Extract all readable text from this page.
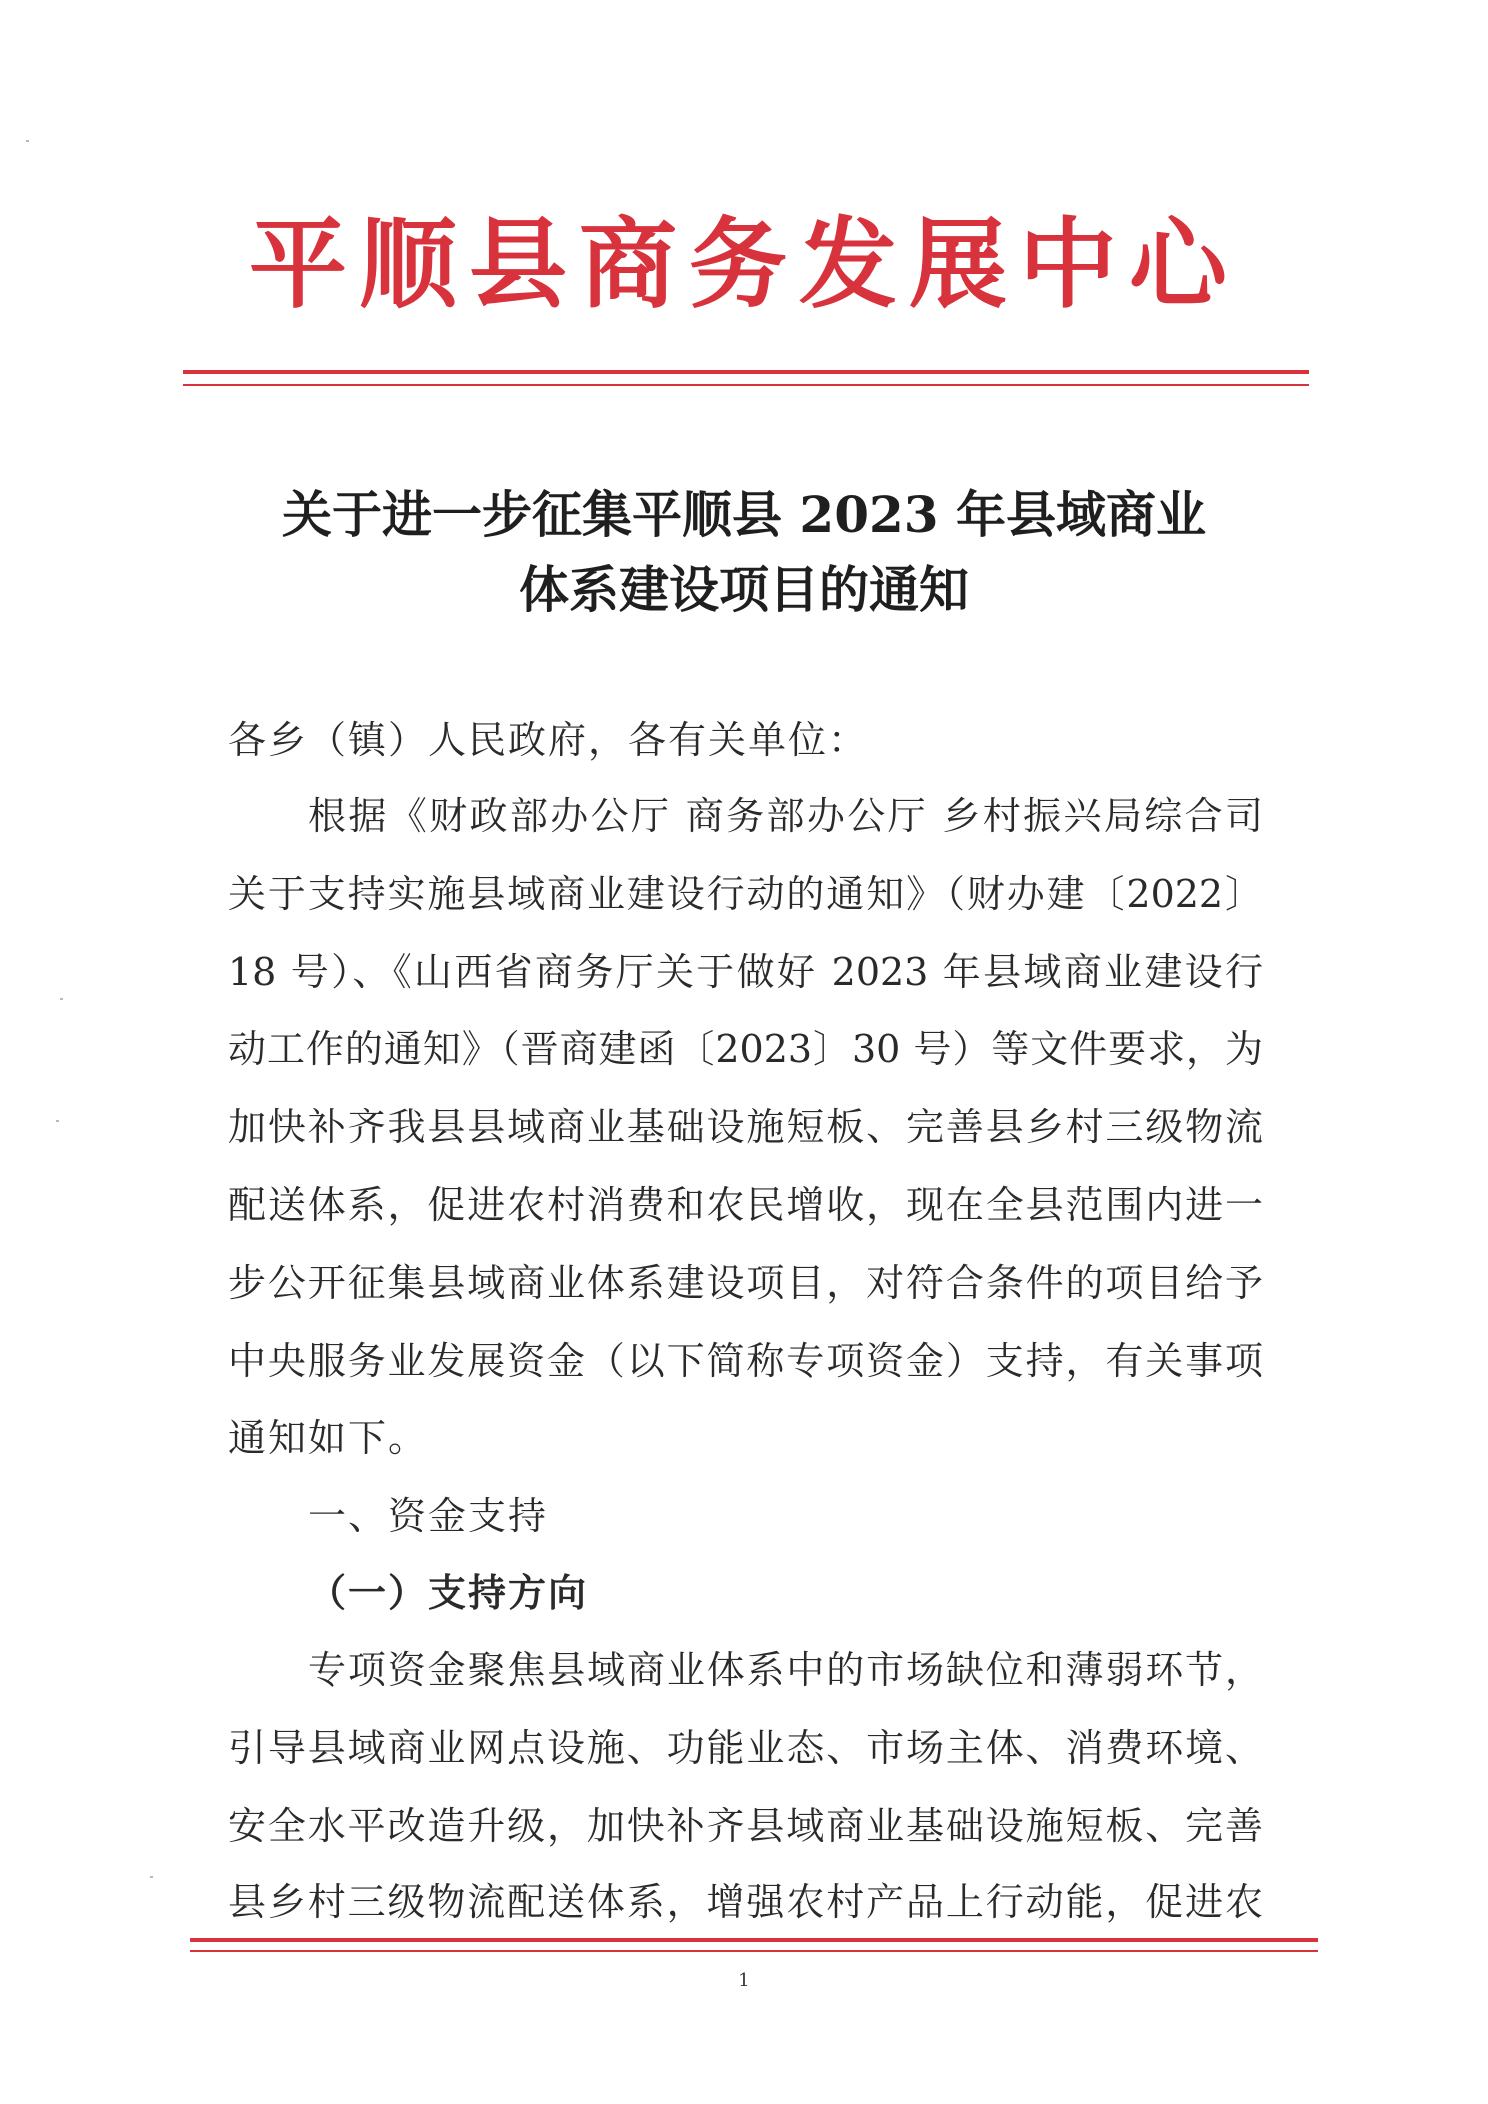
平顺县商务发展中心
关于进一步征集平顺县 2023 年县域商业
体系建设项目的通知
各乡（镇）人民政府，各有关单位：
根据《财政部办公厅 商务部办公厅 乡村振兴局综合司
关于支持实施县域商业建设行动的通知》（财办建〔2022〕
18 号）、《山西省商务厅关于做好 2023 年县域商业建设行
动工作的通知》（晋商建函〔2023〕30 号）等文件要求，为
加快补齐我县县域商业基础设施短板、完善县乡村三级物流
配送体系，促进农村消费和农民增收，现在全县范围内进一
步公开征集县域商业体系建设项目，对符合条件的项目给予
中央服务业发展资金（以下简称专项资金）支持，有关事项
通知如下。
一、资金支持
（一）支持方向
专项资金聚焦县域商业体系中的市场缺位和薄弱环节，
引导县域商业网点设施、功能业态、市场主体、消费环境、
安全水平改造升级，加快补齐县域商业基础设施短板、完善
县乡村三级物流配送体系，增强农村产品上行动能，促进农
1
